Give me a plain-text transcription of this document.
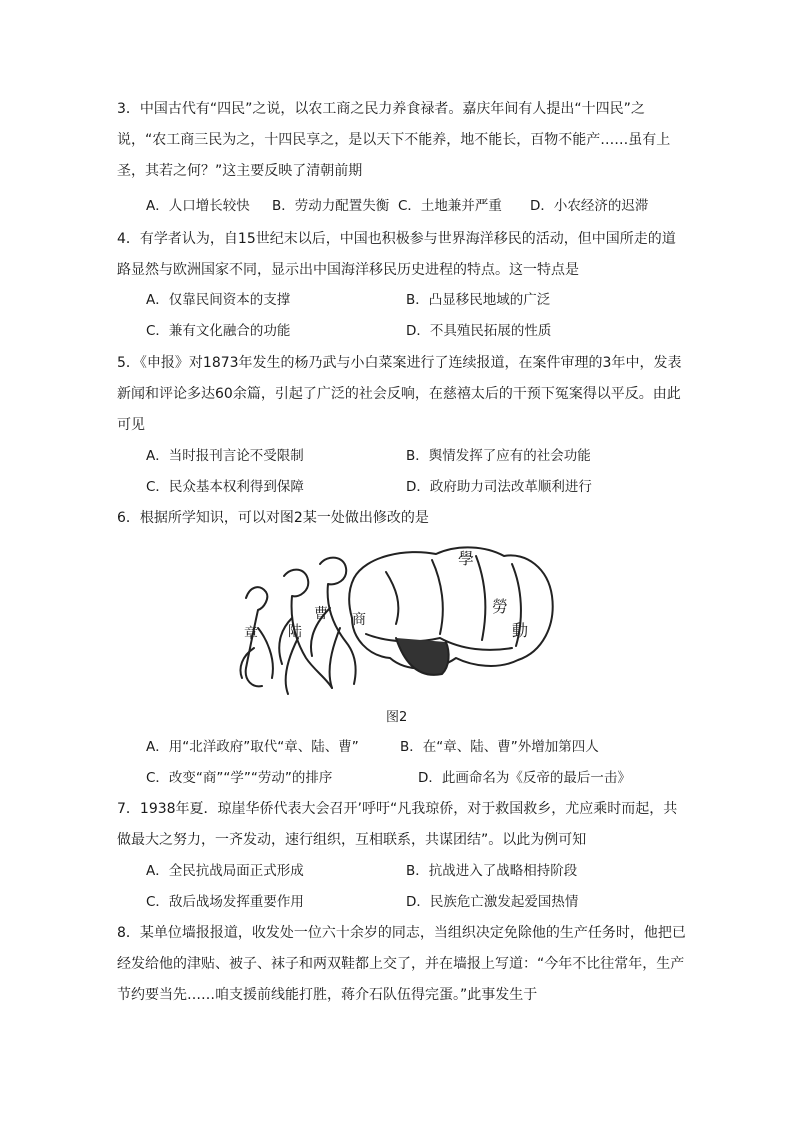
3．中国古代有“四民”之说，以农工商之民力养食禄者。嘉庆年间有人提出“十四民”之说，“农工商三民为之，十四民享之，是以天下不能养，地不能长，百物不能产……虽有上圣，其若之何？”这主要反映了清朝前期
A．人口增长较快 B．劳动力配置失衡 C．土地兼并严重 D．小农经济的迟滞
4．有学者认为，自15世纪末以后，中国也积极参与世界海洋移民的活动，但中国所走的道路显然与欧洲国家不同，显示出中国海洋移民历史进程的特点。这一特点是
A．仅靠民间资本的支撑	B．凸显移民地域的广泛
C．兼有文化融合的功能	D．不具殖民拓展的性质
5．《申报》对1873年发生的杨乃武与小白菜案进行了连续报道，在案件审理的3年中，发表新闻和评论多达60余篇，引起了广泛的社会反响，在慈禧太后的干预下冤案得以平反。由此可见
A．当时报刊言论不受限制	B．舆情发挥了应有的社会功能
C．民众基本权利得到保障	D．政府助力司法改革顺利进行
6．根据所学知识，可以对图2某一处做出修改的是
章 陆
曹 商
學
勞
動
图2
A．用“北洋政府”取代“章、陆、曹”	B．在“章、陆、曹”外增加第四人
C．改变“商”“学”“劳动”的排序	D．此画命名为《反帝的最后一击》
7．1938年夏．琼崖华侨代表大会召开’呼吁“凡我琼侨，对于救国救乡，尤应乘时而起，共做最大之努力，一齐发动，速行组织，互相联系，共谋团结”。以此为例可知
A．全民抗战局面正式形成	B．抗战进入了战略相持阶段
C．敌后战场发挥重要作用	D．民族危亡激发起爱国热情
8．某单位墙报报道，收发处一位六十余岁的同志，当组织决定免除他的生产任务时，他把已经发给他的津贴、被子、袜子和两双鞋都上交了，并在墙报上写道：“今年不比往常年，生产节约要当先……咱支援前线能打胜，蒋介石队伍得完蛋。”此事发生于
